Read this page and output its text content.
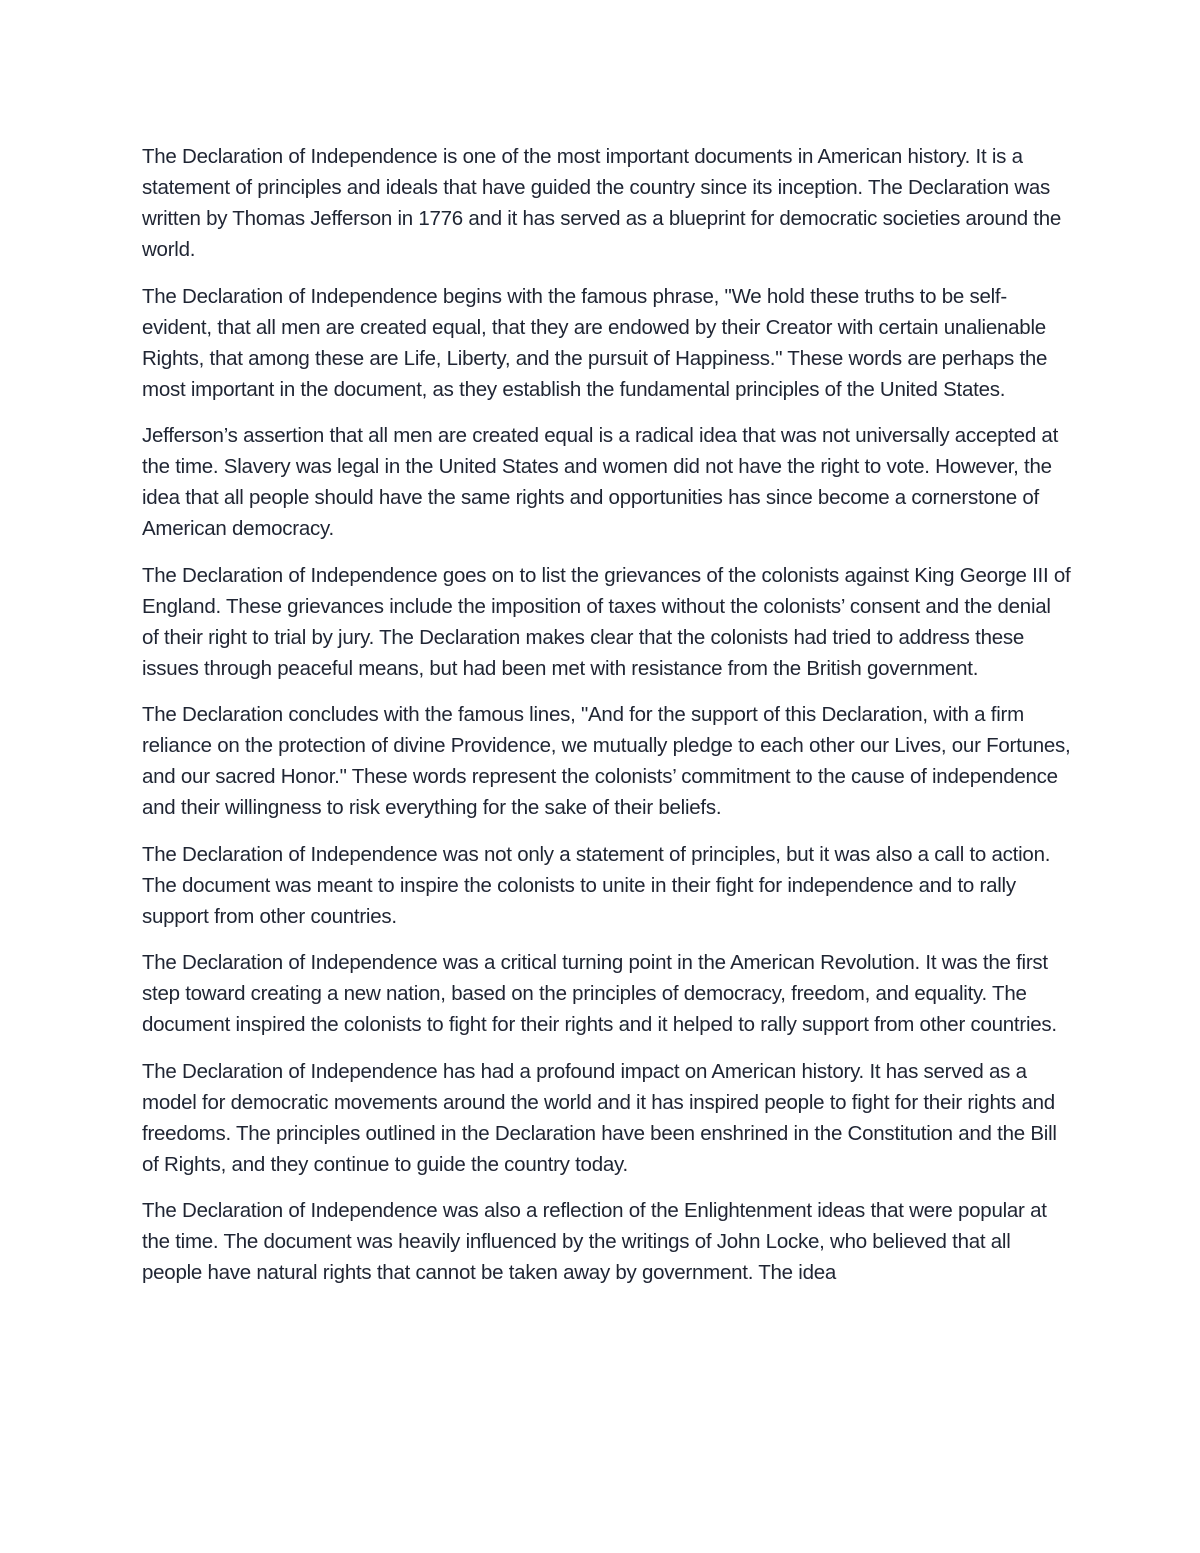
The Declaration of Independence is one of the most important documents in American history. It is a statement of principles and ideals that have guided the country since its inception. The Declaration was written by Thomas Jefferson in 1776 and it has served as a blueprint for democratic societies around the world.

The Declaration of Independence begins with the famous phrase, "We hold these truths to be self-evident, that all men are created equal, that they are endowed by their Creator with certain unalienable Rights, that among these are Life, Liberty, and the pursuit of Happiness." These words are perhaps the most important in the document, as they establish the fundamental principles of the United States.

Jefferson’s assertion that all men are created equal is a radical idea that was not universally accepted at the time. Slavery was legal in the United States and women did not have the right to vote. However, the idea that all people should have the same rights and opportunities has since become a cornerstone of American democracy.

The Declaration of Independence goes on to list the grievances of the colonists against King George III of England. These grievances include the imposition of taxes without the colonists’ consent and the denial of their right to trial by jury. The Declaration makes clear that the colonists had tried to address these issues through peaceful means, but had been met with resistance from the British government.

The Declaration concludes with the famous lines, "And for the support of this Declaration, with a firm reliance on the protection of divine Providence, we mutually pledge to each other our Lives, our Fortunes, and our sacred Honor." These words represent the colonists’ commitment to the cause of independence and their willingness to risk everything for the sake of their beliefs.

The Declaration of Independence was not only a statement of principles, but it was also a call to action. The document was meant to inspire the colonists to unite in their fight for independence and to rally support from other countries.

The Declaration of Independence was a critical turning point in the American Revolution. It was the first step toward creating a new nation, based on the principles of democracy, freedom, and equality. The document inspired the colonists to fight for their rights and it helped to rally support from other countries.

The Declaration of Independence has had a profound impact on American history. It has served as a model for democratic movements around the world and it has inspired people to fight for their rights and freedoms. The principles outlined in the Declaration have been enshrined in the Constitution and the Bill of Rights, and they continue to guide the country today.

The Declaration of Independence was also a reflection of the Enlightenment ideas that were popular at the time. The document was heavily influenced by the writings of John Locke, who believed that all people have natural rights that cannot be taken away by government. The idea
